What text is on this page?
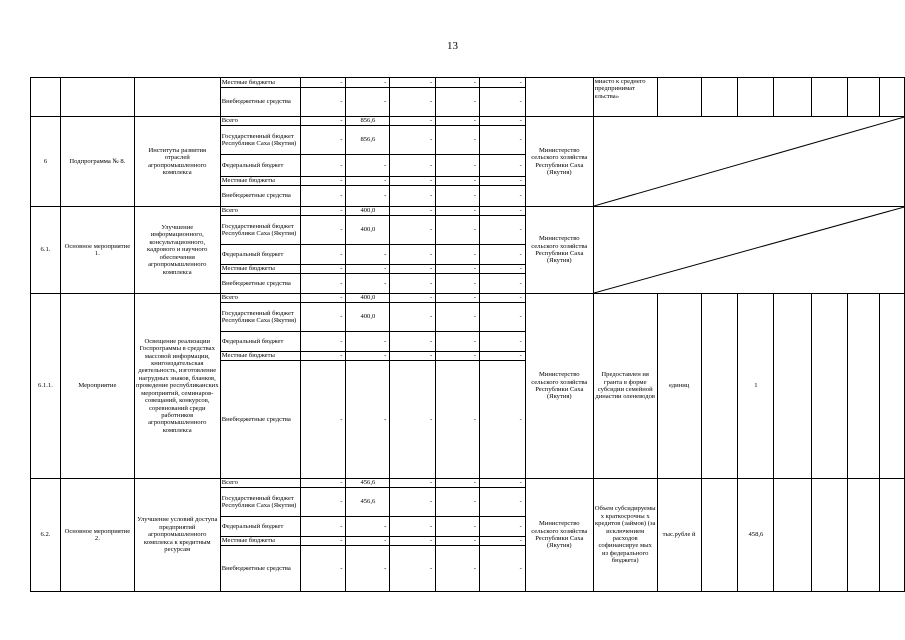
13
			Местные бюджеты	-	-	-	-	-		миасто к среднего предпринимат ельства»							
			Внебюджетные средства	-	-	-	-	-									
6	Подпрограмма № 8.	Институты развития отраслей агропромышленного комплекса	Всего	-	856,6	-	-	-	Министерство сельского хозяйства Республики Саха (Якутия)	

			Государственный бюджет Республики Саха (Якутия)	-	856,6	-	-	-									
			Федеральный бюджет	-	-	-	-	-									
			Местные бюджеты	-	-	-	-	-									
			Внебюджетные средства	-	-	-	-	-									
6.1.	Основное мероприятие 1.	Улучшение информационного, консультационного, кадрового и научного обеспечения агропромышленного комплекса	Всего	-	400,0	-	-	-	Министерство сельского хозяйства Республики Саха (Якутия)	

			Государственный бюджет Республики Саха (Якутия)	-	400,0	-	-	-									
			Федеральный бюджет	-	-	-	-	-									
			Местные бюджеты	-	-	-	-	-									
			Внебюджетные средства	-	-	-	-	-									
6.1.1.	Мероприятие	Освещение реализации Госпрограммы в средствах массовой информации, книгоиздательская деятельность, изготовление нагрудных знаков, бланков, проведение республиканских мероприятий, семинаров-совещаний, конкурсов, соревнований среди работников агропромышленного комплекса	Всего	-	400,0	-	-	-	Министерство сельского хозяйства Республики Саха (Якутия)	Предоставлен ия гранта в форме субсидии семейной династии оленеводов	единиц		1				
			Государственный бюджет Республики Саха (Якутия)	-	400,0	-	-	-									
			Федеральный бюджет	-	-	-	-	-									
			Местные бюджеты	-	-	-	-	-									
			Внебюджетные средства	-	-	-	-	-									
6.2.	Основное мероприятие 2.	Улучшение условий доступа предприятий агропромышленного комплекса к кредитным ресурсам	Всего	-	456,6	-	-	-	Министерство сельского хозяйства Республики Саха (Якутия)	Объем субсидируемы х краткосрочны х кредитов (займов) (за исключением расходов софинансируе мых из федерального бюджета)	тыс.рубле й		458,6				
			Государственный бюджет Республики Саха (Якутия)	-	456,6	-	-	-									
			Федеральный бюджет	-	-	-	-	-									
			Местные бюджеты	-	-	-	-	-									
			Внебюджетные средства	-	-	-	-	-									
